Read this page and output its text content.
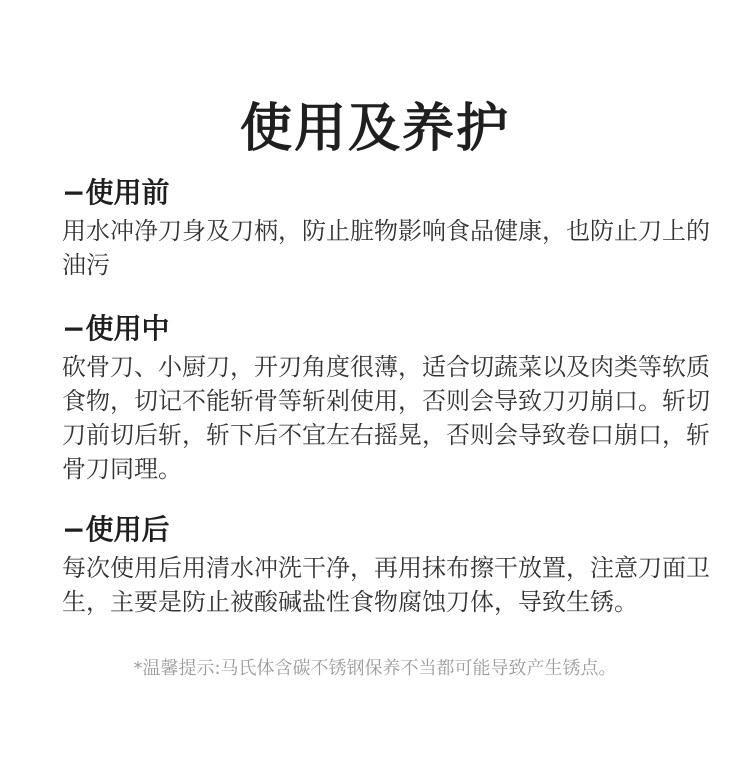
使用及养护
−使用前

用水冲净刀身及刀柄，防止脏物影响食品健康，也防止刀上的油污

−使用中

砍骨刀、小厨刀，开刃角度很薄，适合切蔬菜以及肉类等软质食物，切记不能斩骨等斩剁使用，否则会导致刀刃崩口。斩切刀前切后斩，斩下后不宜左右摇晃，否则会导致卷口崩口，斩骨刀同理。

−使用后

每次使用后用清水冲洗干净，再用抹布擦干放置，注意刀面卫生，主要是防止被酸碱盐性食物腐蚀刀体，导致生锈。

*温馨提示:马氏体含碳不锈钢保养不当都可能导致产生锈点。
